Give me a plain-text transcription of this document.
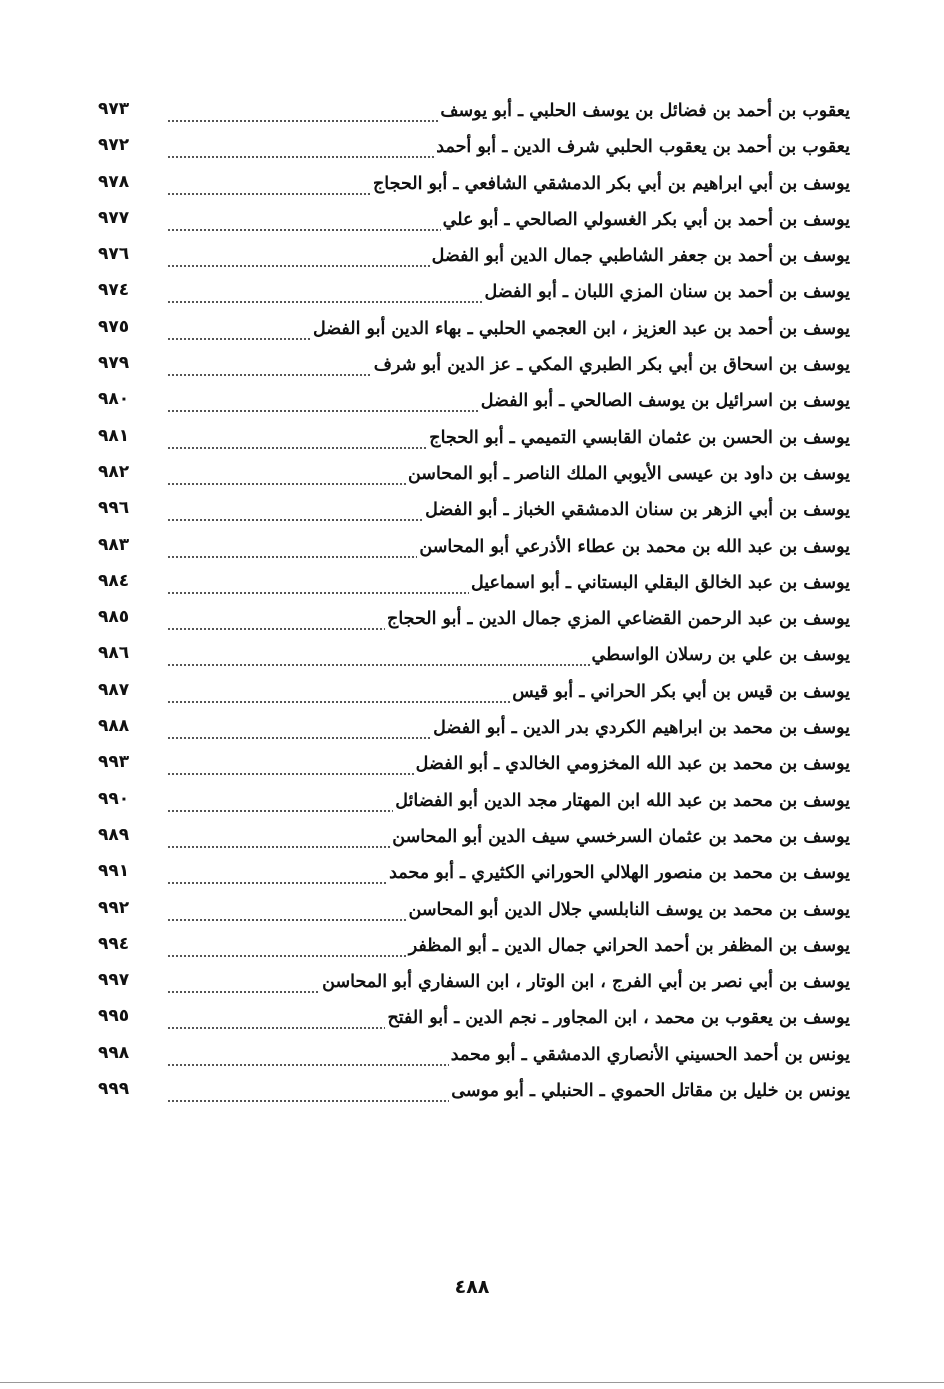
يعقوب بن أحمد بن فضائل بن يوسف الحلبي ـ أبو يوسف
٩٧٣
يعقوب بن أحمد بن يعقوب الحلبي شرف الدين ـ أبو أحمد
٩٧٢
يوسف بن أبي ابراهيم بن أبي بكر الدمشقي الشافعي ـ أبو الحجاج
٩٧٨
يوسف بن أحمد بن أبي بكر الغسولي الصالحي ـ أبو علي
٩٧٧
يوسف بن أحمد بن جعفر الشاطبي جمال الدين أبو الفضل
٩٧٦
يوسف بن أحمد بن سنان المزي اللبان ـ أبو الفضل
٩٧٤
يوسف بن أحمد بن عبد العزيز ، ابن العجمي الحلبي ـ بهاء الدين أبو الفضل
٩٧٥
يوسف بن اسحاق بن أبي بكر الطبري المكي ـ عز الدين أبو شرف
٩٧٩
يوسف بن اسرائيل بن يوسف الصالحي ـ أبو الفضل
٩٨٠
يوسف بن الحسن بن عثمان القابسي التميمي ـ أبو الحجاج
٩٨١
يوسف بن داود بن عيسى الأيوبي الملك الناصر ـ أبو المحاسن
٩٨٢
يوسف بن أبي الزهر بن سنان الدمشقي الخباز ـ أبو الفضل
٩٩٦
يوسف بن عبد الله بن محمد بن عطاء الأذرعي أبو المحاسن
٩٨٣
يوسف بن عبد الخالق البقلي البستاني ـ أبو اسماعيل
٩٨٤
يوسف بن عبد الرحمن القضاعي المزي جمال الدين ـ أبو الحجاج
٩٨٥
يوسف بن علي بن رسلان الواسطي
٩٨٦
يوسف بن قيس بن أبي بكر الحراني ـ أبو قيس
٩٨٧
يوسف بن محمد بن ابراهيم الكردي بدر الدين ـ أبو الفضل
٩٨٨
يوسف بن محمد بن عبد الله المخزومي الخالدي ـ أبو الفضل
٩٩٣
يوسف بن محمد بن عبد الله ابن المهتار مجد الدين أبو الفضائل
٩٩٠
يوسف بن محمد بن عثمان السرخسي سيف الدين أبو المحاسن
٩٨٩
يوسف بن محمد بن منصور الهلالي الحوراني الكثيري ـ أبو محمد
٩٩١
يوسف بن محمد بن يوسف النابلسي جلال الدين أبو المحاسن
٩٩٢
يوسف بن المظفر بن أحمد الحراني جمال الدين ـ أبو المظفر
٩٩٤
يوسف بن أبي نصر بن أبي الفرج ، ابن الوتار ، ابن السفاري أبو المحاسن
٩٩٧
يوسف بن يعقوب بن محمد ، ابن المجاور ـ نجم الدين ـ أبو الفتح
٩٩٥
يونس بن أحمد الحسيني الأنصاري الدمشقي ـ أبو محمد
٩٩٨
يونس بن خليل بن مقاتل الحموي ـ الحنبلي ـ أبو موسى
٩٩٩
٤٨٨
